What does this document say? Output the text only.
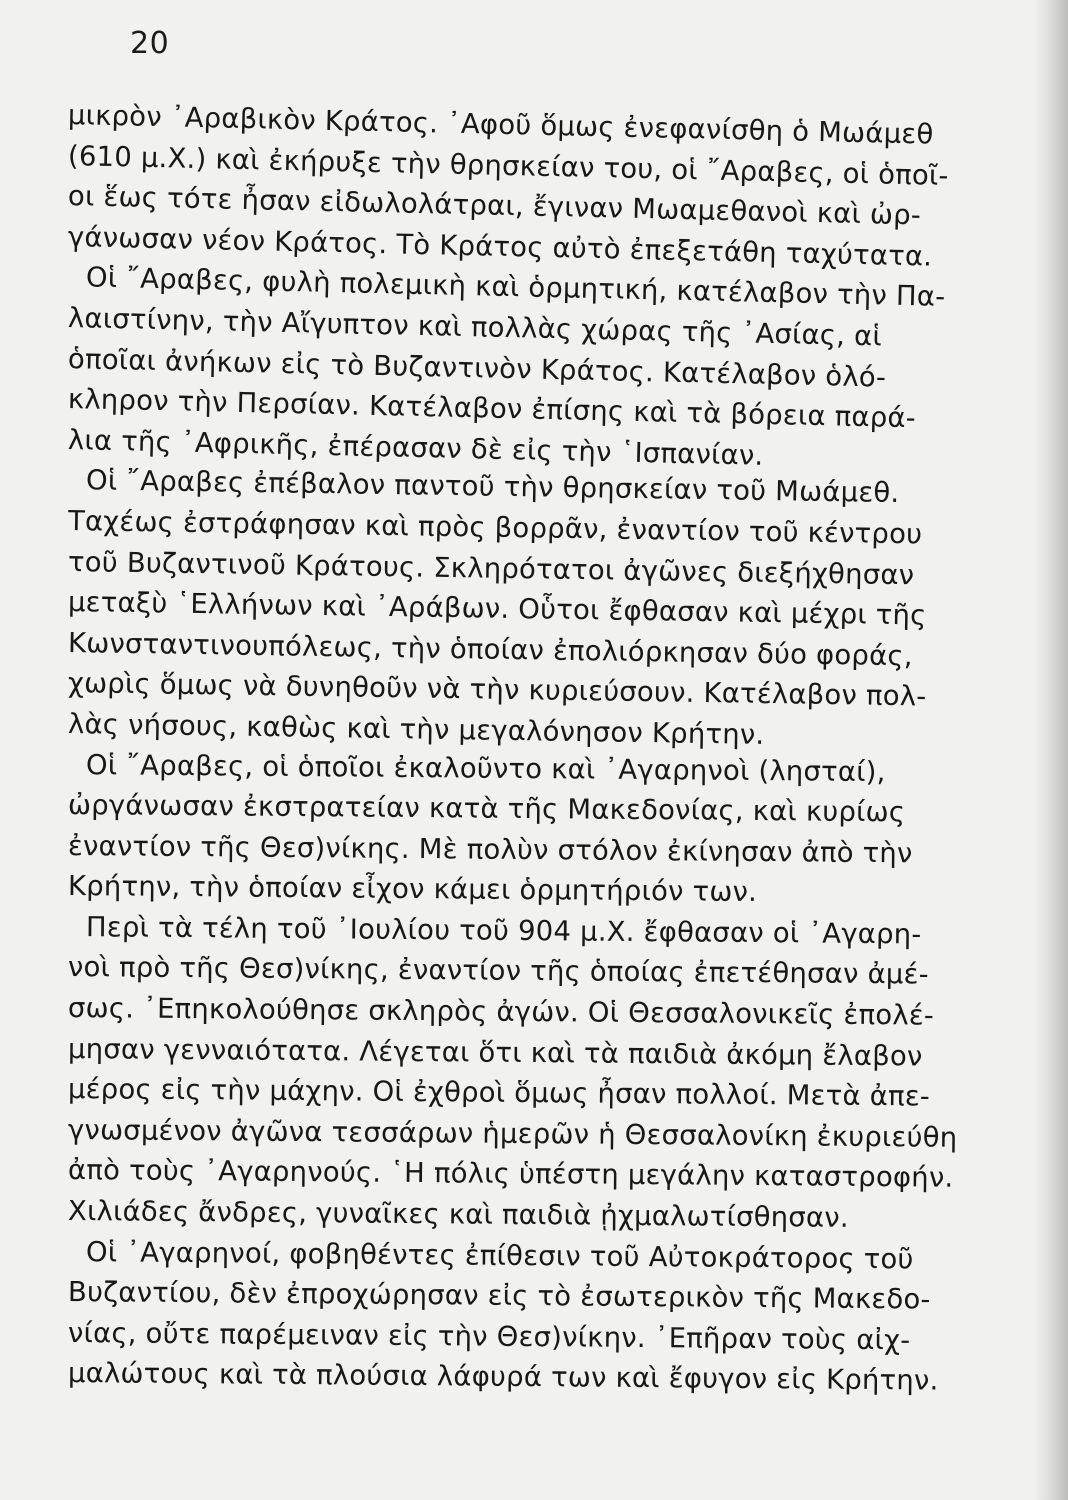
20
μικρὸν ᾿Αραβικὸν Κράτος. ᾿Αφοῦ ὅμως ἐνεφανίσθη ὁ Μωάμεθ
(610 μ.Χ.) καὶ ἐκήρυξε τὴν θρησκείαν του, οἱ ῎Αραβες, οἱ ὁποῖ-
οι ἕως τότε ἦσαν εἰδωλολάτραι, ἔγιναν Μωαμεθανοὶ καὶ ὠρ-
γάνωσαν νέον Κράτος. Τὸ Κράτος αὐτὸ ἐπεξετάθη ταχύτατα.
Οἱ ῎Αραβες, φυλὴ πολεμικὴ καὶ ὁρμητική, κατέλαβον τὴν Πα-
λαιστίνην, τὴν Αἴγυπτον καὶ πολλὰς χώρας τῆς ᾿Ασίας, αἱ
ὁποῖαι ἀνήκων εἰς τὸ Βυζαντινὸν Κράτος. Κατέλαβον ὁλό-
κληρον τὴν Περσίαν. Κατέλαβον ἐπίσης καὶ τὰ βόρεια παρά-
λια τῆς ᾿Αφρικῆς, ἐπέρασαν δὲ εἰς τὴν ῾Ισπανίαν.
Οἱ ῎Αραβες ἐπέβαλον παντοῦ τὴν θρησκείαν τοῦ Μωάμεθ.
Ταχέως ἐστράφησαν καὶ πρὸς βορρᾶν, ἐναντίον τοῦ κέντρου
τοῦ Βυζαντινοῦ Κράτους. Σκληρότατοι ἀγῶνες διεξήχθησαν
μεταξὺ ῾Ελλήνων καὶ ᾿Αράβων. Οὗτοι ἔφθασαν καὶ μέχρι τῆς
Κωνσταντινουπόλεως, τὴν ὁποίαν ἐπολιόρκησαν δύο φοράς,
χωρὶς ὅμως νὰ δυνηθοῦν νὰ τὴν κυριεύσουν. Κατέλαβον πολ-
λὰς νήσους, καθὼς καὶ τὴν μεγαλόνησον Κρήτην.
Οἱ ῎Αραβες, οἱ ὁποῖοι ἐκαλοῦντο καὶ ᾿Αγαρηνοὶ (λησταί),
ὠργάνωσαν ἐκστρατείαν κατὰ τῆς Μακεδονίας, καὶ κυρίως
ἐναντίον τῆς Θεσ)νίκης. Μὲ πολὺν στόλον ἐκίνησαν ἀπὸ τὴν
Κρήτην, τὴν ὁποίαν εἶχον κάμει ὁρμητήριόν των.
Περὶ τὰ τέλη τοῦ ᾿Ιουλίου τοῦ 904 μ.Χ. ἔφθασαν οἱ ᾿Αγαρη-
νοὶ πρὸ τῆς Θεσ)νίκης, ἐναντίον τῆς ὁποίας ἐπετέθησαν ἀμέ-
σως. ᾿Επηκολούθησε σκληρὸς ἀγών. Οἱ Θεσσαλονικεῖς ἐπολέ-
μησαν γενναιότατα. Λέγεται ὅτι καὶ τὰ παιδιὰ ἀκόμη ἔλαβον
μέρος εἰς τὴν μάχην. Οἱ ἐχθροὶ ὅμως ἦσαν πολλοί. Μετὰ ἀπε-
γνωσμένον ἀγῶνα τεσσάρων ἡμερῶν ἡ Θεσσαλονίκη ἐκυριεύθη
ἀπὸ τοὺς ᾿Αγαρηνούς. ῾Η πόλις ὑπέστη μεγάλην καταστροφήν.
Χιλιάδες ἄνδρες, γυναῖκες καὶ παιδιὰ ᾐχμαλωτίσθησαν.
Οἱ ᾿Αγαρηνοί, φοβηθέντες ἐπίθεσιν τοῦ Αὐτοκράτορος τοῦ
Βυζαντίου, δὲν ἐπροχώρησαν εἰς τὸ ἐσωτερικὸν τῆς Μακεδο-
νίας, οὔτε παρέμειναν εἰς τὴν Θεσ)νίκην. ᾿Επῆραν τοὺς αἰχ-
μαλώτους καὶ τὰ πλούσια λάφυρά των καὶ ἔφυγον εἰς Κρήτην.
